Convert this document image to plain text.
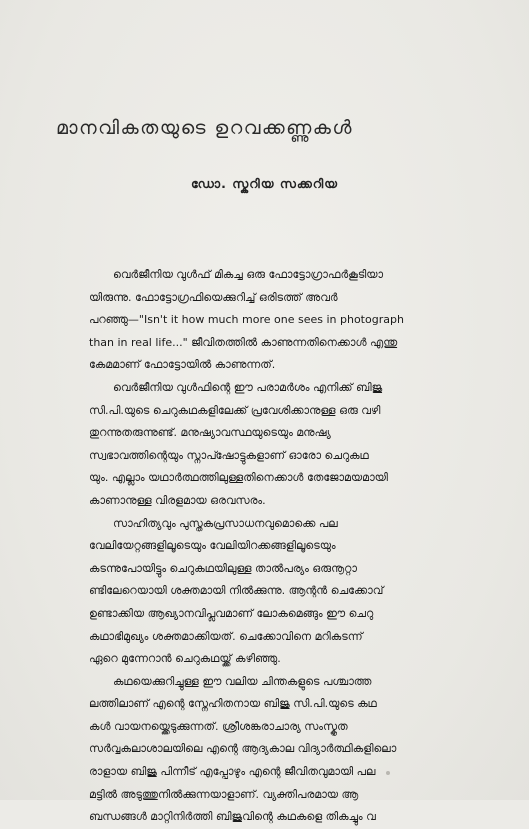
മാനവികതയുടെ ഉറവക്കണ്ണുകൾ
ഡോ. സ്കറിയ സക്കറിയ
വെർജീനിയ വുൾഫ് മികച്ച ഒരു ഫോട്ടോഗ്രാഫർകൂടിയാ
യിരുന്നു. ഫോട്ടോഗ്രഫിയെക്കുറിച്ച് ഒരിടത്ത് അവർ
പറഞ്ഞു—"Isn't it how much more one sees in photograph
than in real life..." ജീവിതത്തിൽ കാണുന്നതിനെക്കാൾ എന്തു
കേമമാണ് ഫോട്ടോയിൽ കാണുന്നത്.
വെർജീനിയ വുൾഫിന്റെ ഈ പരാമർശം എനിക്ക് ബിജു
സി.പി.യുടെ ചെറുകഥകളിലേക്ക് പ്രവേശിക്കാനുള്ള ഒരു വഴി
തുറന്നുതരുന്നുണ്ട്. മനുഷ്യാവസ്ഥയുടെയും മനുഷ്യ
സ്വഭാവത്തിന്റെയും സ്നാപ്ഷോട്ടുകളാണ് ഓരോ ചെറുകഥ
യും. എല്ലാം യഥാർത്ഥത്തിലുള്ളതിനെക്കാൾ തേജോമയമായി
കാണാനുള്ള വിരളമായ ഒരവസരം.
സാഹിത്യവും പുസ്തകപ്രസാധനവുമൊക്കെ പല
വേലിയേറ്റങ്ങളിലൂടെയും വേലിയിറക്കങ്ങളിലൂടെയും
കടന്നുപോയിട്ടും ചെറുകഥയിലുള്ള താൽപര്യം ഒരുനൂറ്റാ
ണ്ടിലേറെയായി ശക്തമായി നിൽക്കുന്നു. ആന്റൻ ചെക്കോവ്
ഉണ്ടാക്കിയ ആഖ്യാനവിപ്ലവമാണ് ലോകമെങ്ങും ഈ ചെറു
കഥാഭിമുഖ്യം ശക്തമാക്കിയത്. ചെക്കോവിനെ മറികടന്ന്
ഏറെ മുന്നേറാൻ ചെറുകഥയ്ക്ക് കഴിഞ്ഞു.
കഥയെക്കുറിച്ചുള്ള ഈ വലിയ ചിന്തകളുടെ പശ്ചാത്ത
ലത്തിലാണ് എന്റെ സ്നേഹിതനായ ബിജു സി.പി.യുടെ കഥ
കൾ വായനയ്ക്കെടുക്കുന്നത്. ശ്രീശങ്കരാചാര്യ സംസ്കൃത
സർവ്വകലാശാലയിലെ എന്റെ ആദ്യകാല വിദ്യാർത്ഥികളിലൊ
രാളായ ബിജു പിന്നീട് എപ്പോഴും എന്റെ ജീവിതവുമായി പല
മട്ടിൽ അടുത്തുനിൽക്കുന്നയാളാണ്. വ്യക്തിപരമായ ആ
ബന്ധങ്ങൾ മാറ്റിനിർത്തി ബിജുവിന്റെ കഥകളെ തികച്ചും വ
